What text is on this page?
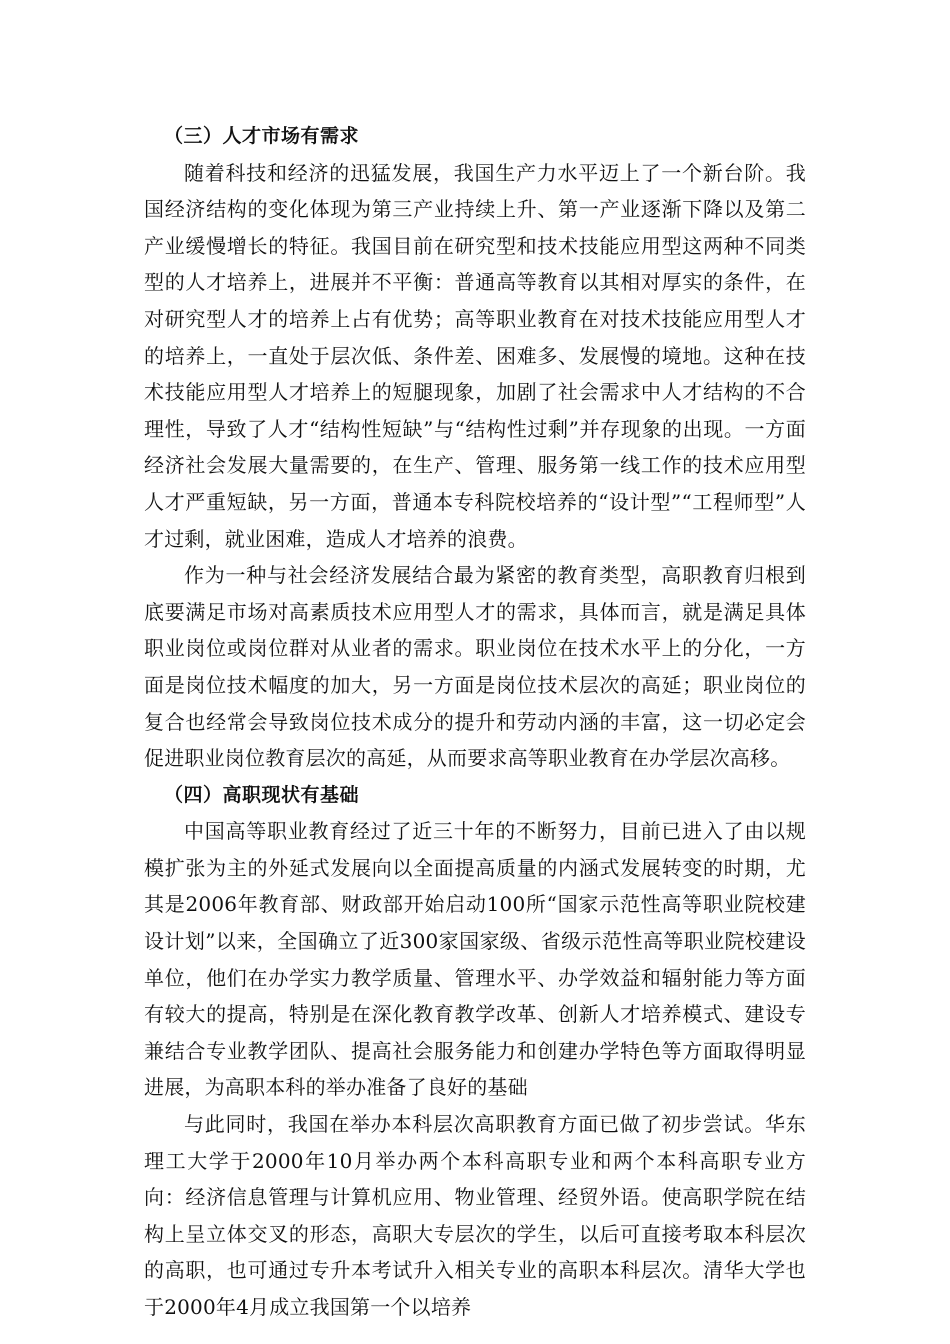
（三）人才市场有需求

随着科技和经济的迅猛发展，我国生产力水平迈上了一个新台阶。我国经济结构的变化体现为第三产业持续上升、第一产业逐渐下降以及第二产业缓慢增长的特征。我国目前在研究型和技术技能应用型这两种不同类型的人才培养上，进展并不平衡：普通高等教育以其相对厚实的条件，在对研究型人才的培养上占有优势；高等职业教育在对技术技能应用型人才的培养上，一直处于层次低、条件差、困难多、发展慢的境地。这种在技术技能应用型人才培养上的短腿现象，加剧了社会需求中人才结构的不合理性，导致了人才“结构性短缺”与“结构性过剩”并存现象的出现。一方面经济社会发展大量需要的，在生产、管理、服务第一线工作的技术应用型人才严重短缺，另一方面，普通本专科院校培养的“设计型”“工程师型”人才过剩，就业困难，造成人才培养的浪费。

作为一种与社会经济发展结合最为紧密的教育类型，高职教育归根到底要满足市场对高素质技术应用型人才的需求，具体而言，就是满足具体职业岗位或岗位群对从业者的需求。职业岗位在技术水平上的分化，一方面是岗位技术幅度的加大，另一方面是岗位技术层次的高延；职业岗位的复合也经常会导致岗位技术成分的提升和劳动内涵的丰富，这一切必定会促进职业岗位教育层次的高延，从而要求高等职业教育在办学层次高移。

（四）高职现状有基础

中国高等职业教育经过了近三十年的不断努力，目前已进入了由以规模扩张为主的外延式发展向以全面提高质量的内涵式发展转变的时期，尤其是2006年教育部、财政部开始启动100所“国家示范性高等职业院校建设计划”以来，全国确立了近300家国家级、省级示范性高等职业院校建设单位，他们在办学实力教学质量、管理水平、办学效益和辐射能力等方面有较大的提高，特别是在深化教育教学改革、创新人才培养模式、建设专兼结合专业教学团队、提高社会服务能力和创建办学特色等方面取得明显进展，为高职本科的举办准备了良好的基础

与此同时，我国在举办本科层次高职教育方面已做了初步尝试。华东理工大学于2000年10月举办两个本科高职专业和两个本科高职专业方向：经济信息管理与计算机应用、物业管理、经贸外语。使高职学院在结构上呈立体交叉的形态，高职大专层次的学生，以后可直接考取本科层次的高职，也可通过专升本考试升入相关专业的高职本科层次。清华大学也于2000年4月成立我国第一个以培养
